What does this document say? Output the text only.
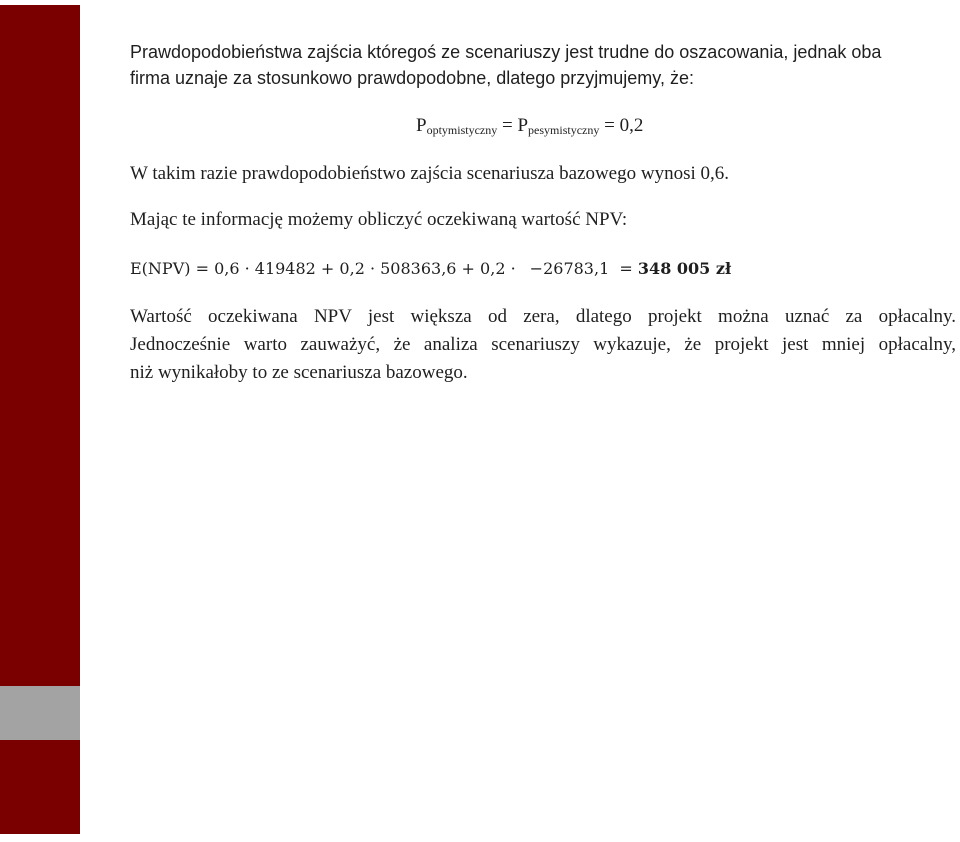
Prawdopodobieństwa zajścia któregoś ze scenariuszy jest trudne do oszacowania, jednak oba
firma uznaje za stosunkowo prawdopodobne, dlatego przyjmujemy, że:
$P_{optymistyczny} = P_{pesymistyczny} = 0,2$
W takim razie prawdopodobieństwo zajścia scenariusza bazowego wynosi 0,6.
Mając te informację możemy obliczyć oczekiwaną wartość NPV:
E(NPV) = 0,6 · 419482 + 0,2 · 508363,6 + 0,2 · −26783,1  = 348 005 zł
Wartość oczekiwana NPV jest większa od zera, dlatego projekt można uznać za opłacalny.
Jednocześnie warto zauważyć, że analiza scenariuszy wykazuje, że projekt jest mniej opłacalny,
niż wynikałoby to ze scenariusza bazowego.
